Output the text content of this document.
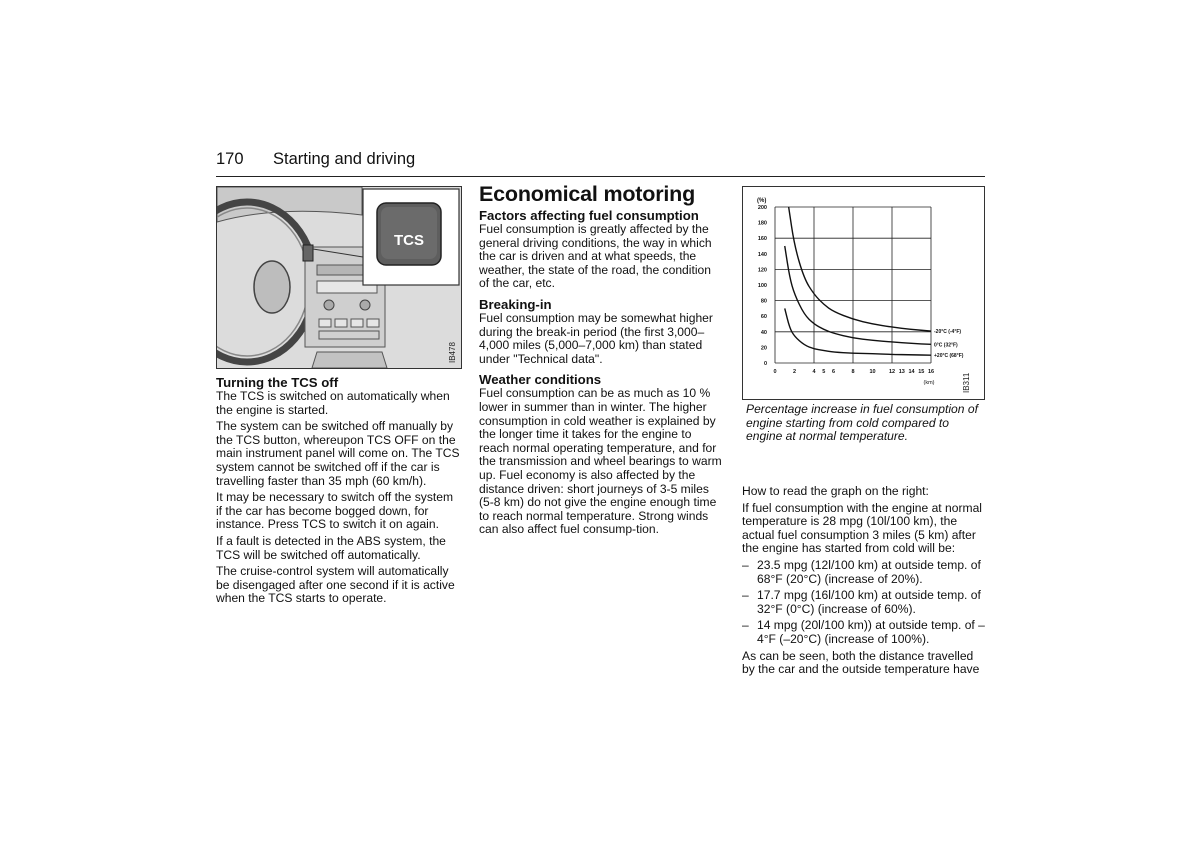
170 Starting and driving
TCS
IB478
Turning the TCS off

The TCS is switched on automatically when the engine is started.

The system can be switched off manually by the TCS button, whereupon TCS OFF on the main instrument panel will come on. The TCS system cannot be switched off if the car is travelling faster than 35 mph (60 km/h).

It may be necessary to switch off the system if the car has become bogged down, for instance. Press TCS to switch it on again.

If a fault is detected in the ABS system, the TCS will be switched off automatically.

The cruise-control system will automatically be disengaged after one second if it is active when the TCS starts to operate.

Economical motoring
Factors affecting fuel consumption

Fuel consumption is greatly affected by the general driving conditions, the way in which the car is driven and at what speeds, the weather, the state of the road, the condition of the car, etc.

Breaking-in

Fuel consumption may be somewhat higher during the break-in period (the first 3,000–4,000 miles (5,000–7,000 km) than stated under "Technical data".

Weather conditions

Fuel consumption can be as much as 10 % lower in summer than in winter. The higher consumption in cold weather is explained by the longer time it takes for the engine to reach normal operating temperature, and for the transmission and wheel bearings to warm up. Fuel economy is also affected by the distance driven: short journeys of 3-5 miles (5-8 km) do not give the engine enough time to reach normal temperature. Strong winds can also affect fuel consump-tion.

0
20
40
60
80
100
120
140
160
180
200
0	2	4 5 6	8	10 12 13 14 15 16
-20°C (-4°F)
0°C (32°F)
+20°C (68°F)
(%)
(km)	IB311
Percentage increase in fuel consumption of engine starting from cold compared to engine at normal temperature.

How to read the graph on the right:

If fuel consumption with the engine at normal temperature is 28 mpg (10l/100 km), the actual fuel consumption 3 miles (5 km) after the engine has started from cold will be:

– 23.5 mpg (12l/100 km) at outside temp. of 68°F (20°C) (increase of 20%).
– 17.7 mpg (16l/100 km) at outside temp. of 32°F (0°C) (increase of 60%).
– 14 mpg (20l/100 km)) at outside temp. of –4°F (–20°C) (increase of 100%).

As can be seen, both the distance travelled by the car and the outside temperature have
